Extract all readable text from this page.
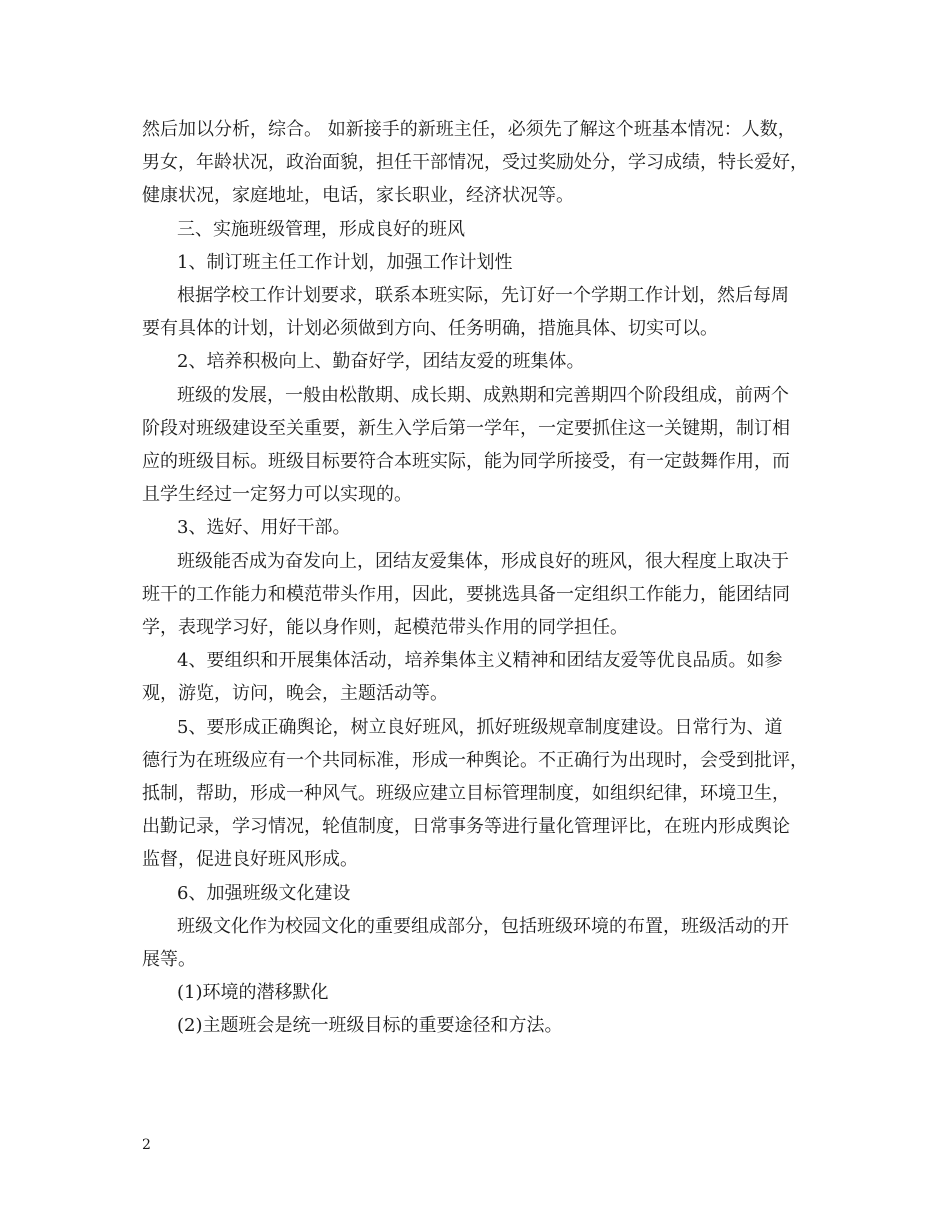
然后加以分析，综合。 如新接手的新班主任，必须先了解这个班基本情况：人数，
男女，年龄状况，政治面貌，担任干部情况，受过奖励处分，学习成绩，特长爱好，
健康状况，家庭地址，电话，家长职业，经济状况等。

三、实施班级管理，形成良好的班风

1、制订班主任工作计划，加强工作计划性

根据学校工作计划要求，联系本班实际，先订好一个学期工作计划，然后每周
要有具体的计划，计划必须做到方向、任务明确，措施具体、切实可以。

2、培养积极向上、勤奋好学，团结友爱的班集体。

班级的发展，一般由松散期、成长期、成熟期和完善期四个阶段组成，前两个
阶段对班级建设至关重要，新生入学后第一学年，一定要抓住这一关键期，制订相
应的班级目标。班级目标要符合本班实际，能为同学所接受，有一定鼓舞作用，而
且学生经过一定努力可以实现的。

3、选好、用好干部。

班级能否成为奋发向上，团结友爱集体，形成良好的班风，很大程度上取决于
班干的工作能力和模范带头作用，因此，要挑选具备一定组织工作能力，能团结同
学，表现学习好，能以身作则，起模范带头作用的同学担任。

4、要组织和开展集体活动，培养集体主义精神和团结友爱等优良品质。如参
观，游览，访问，晚会，主题活动等。

5、要形成正确舆论，树立良好班风，抓好班级规章制度建设。日常行为、道
德行为在班级应有一个共同标准，形成一种舆论。不正确行为出现时，会受到批评，
抵制，帮助，形成一种风气。班级应建立目标管理制度，如组织纪律，环境卫生，
出勤记录，学习情况，轮值制度，日常事务等进行量化管理评比，在班内形成舆论
监督，促进良好班风形成。

6、加强班级文化建设

班级文化作为校园文化的重要组成部分，包括班级环境的布置，班级活动的开
展等。

(1)环境的潜移默化

(2)主题班会是统一班级目标的重要途径和方法。

2
